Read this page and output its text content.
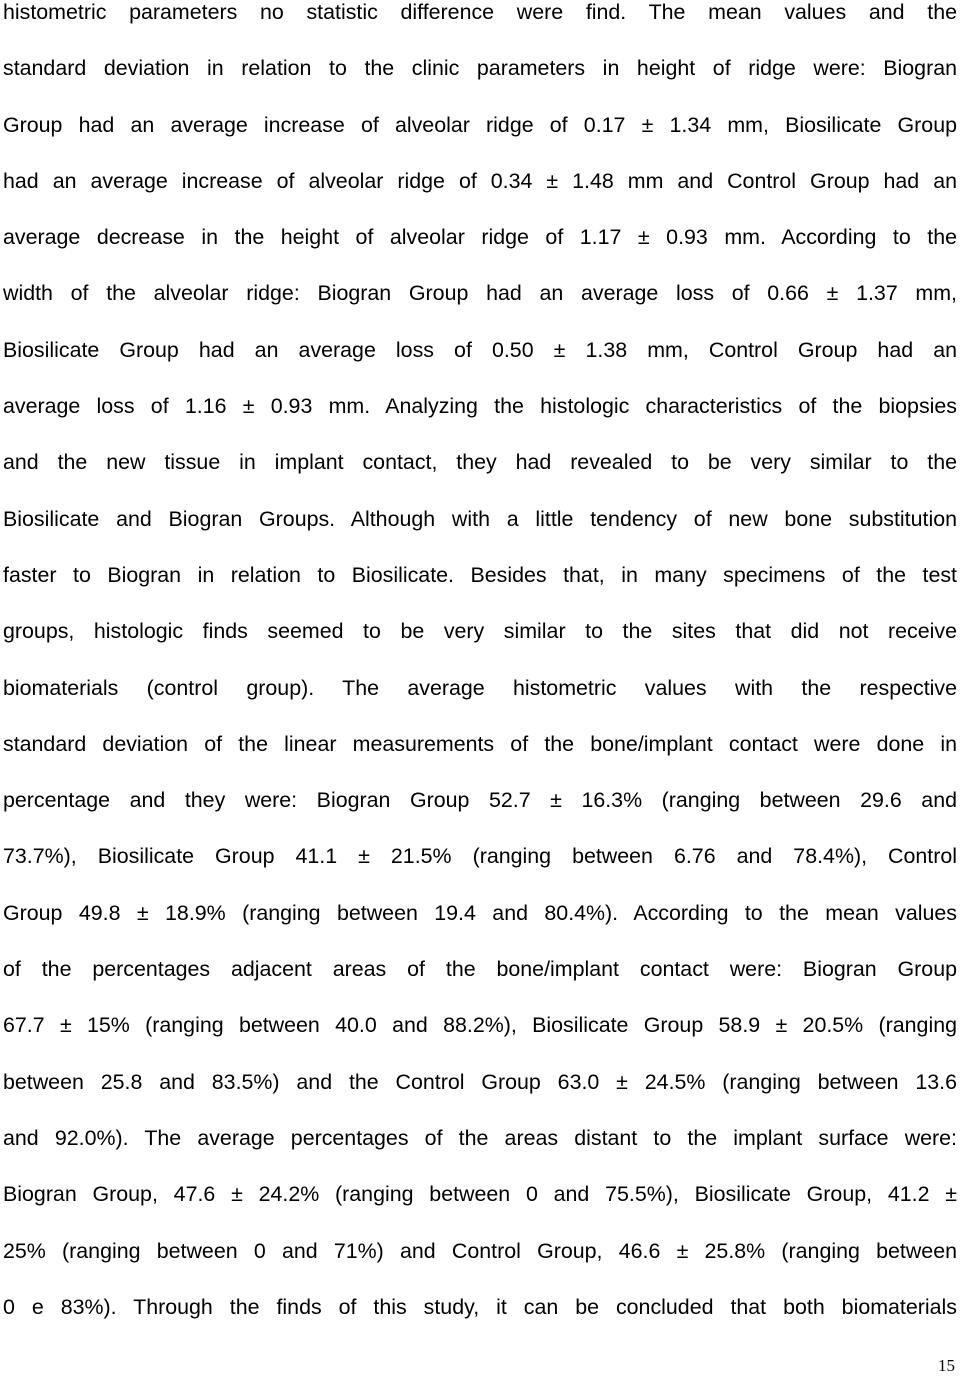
histometric parameters no statistic difference were find. The mean values and the
standard deviation in relation to the clinic parameters in height of ridge were: Biogran
Group had an average increase of alveolar ridge of 0.17 ± 1.34 mm, Biosilicate Group
had an average increase of alveolar ridge of 0.34 ± 1.48 mm and Control Group had an
average decrease in the height of alveolar ridge of 1.17 ± 0.93 mm. According to the
width of the alveolar ridge: Biogran Group had an average loss of 0.66 ± 1.37 mm,
Biosilicate Group had an average loss of 0.50 ± 1.38 mm, Control Group had an
average loss of 1.16 ± 0.93 mm. Analyzing the histologic characteristics of the biopsies
and the new tissue in implant contact, they had revealed to be very similar to the
Biosilicate and Biogran Groups. Although with a little tendency of new bone substitution
faster to Biogran in relation to Biosilicate. Besides that, in many specimens of the test
groups, histologic finds seemed to be very similar to the sites that did not receive
biomaterials (control group). The average histometric values with the respective
standard deviation of the linear measurements of the bone/implant contact were done in
percentage and they were: Biogran Group 52.7 ± 16.3% (ranging between 29.6 and
73.7%), Biosilicate Group 41.1 ± 21.5% (ranging between 6.76 and 78.4%), Control
Group 49.8 ± 18.9% (ranging between 19.4 and 80.4%). According to the mean values
of the percentages adjacent areas of the bone/implant contact were: Biogran Group
67.7 ± 15% (ranging between 40.0 and 88.2%), Biosilicate Group 58.9 ± 20.5% (ranging
between 25.8 and 83.5%) and the Control Group 63.0 ± 24.5% (ranging between 13.6
and 92.0%). The average percentages of the areas distant to the implant surface were:
Biogran Group, 47.6 ± 24.2% (ranging between 0 and 75.5%), Biosilicate Group, 41.2 ±
25% (ranging between 0 and 71%) and Control Group, 46.6 ± 25.8% (ranging between
0 e 83%). Through the finds of this study, it can be concluded that both biomaterials
15
